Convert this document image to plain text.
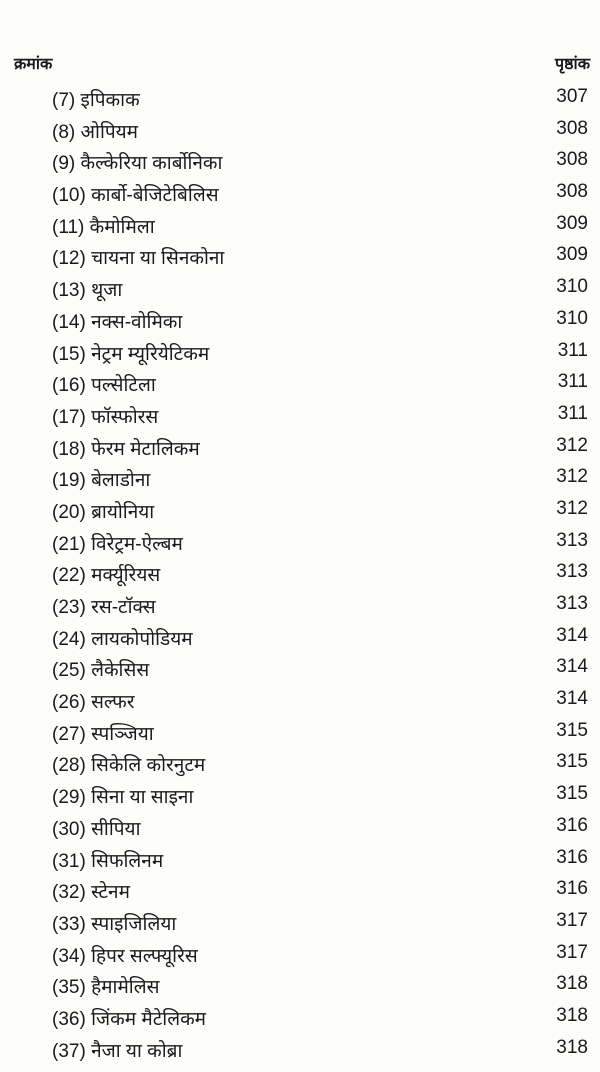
क्रमांक	पृष्ठांक
(7) इपिकाक	307
(8) ओपियम	308
(9) कैल्केरिया कार्बोनिका	308
(10) कार्बो-बेजिटेबिलिस	308
(11) कैमोमिला	309
(12) चायना या सिनकोना	309
(13) थूजा	310
(14) नक्स-वोमिका	310
(15) नेट्रम म्यूरियेटिकम	311
(16) पल्सेटिला	311
(17) फॉस्फोरस	311
(18) फेरम मेटालिकम	312
(19) बेलाडोना	312
(20) ब्रायोनिया	312
(21) विरेट्रम-ऐल्बम	313
(22) मर्क्यूरियस	313
(23) रस-टॉक्स	313
(24) लायकोपोडियम	314
(25) लैकेसिस	314
(26) सल्फर	314
(27) स्पञ्जिया	315
(28) सिकेलि कोरनुटम	315
(29) सिना या साइना	315
(30) सीपिया	316
(31) सिफलिनम	316
(32) स्टेनम	316
(33) स्पाइजिलिया	317
(34) हिपर सल्फ्यूरिस	317
(35) हैमामेलिस	318
(36) जिंकम मैटेलिकम	318
(37) नैजा या कोब्रा	318
